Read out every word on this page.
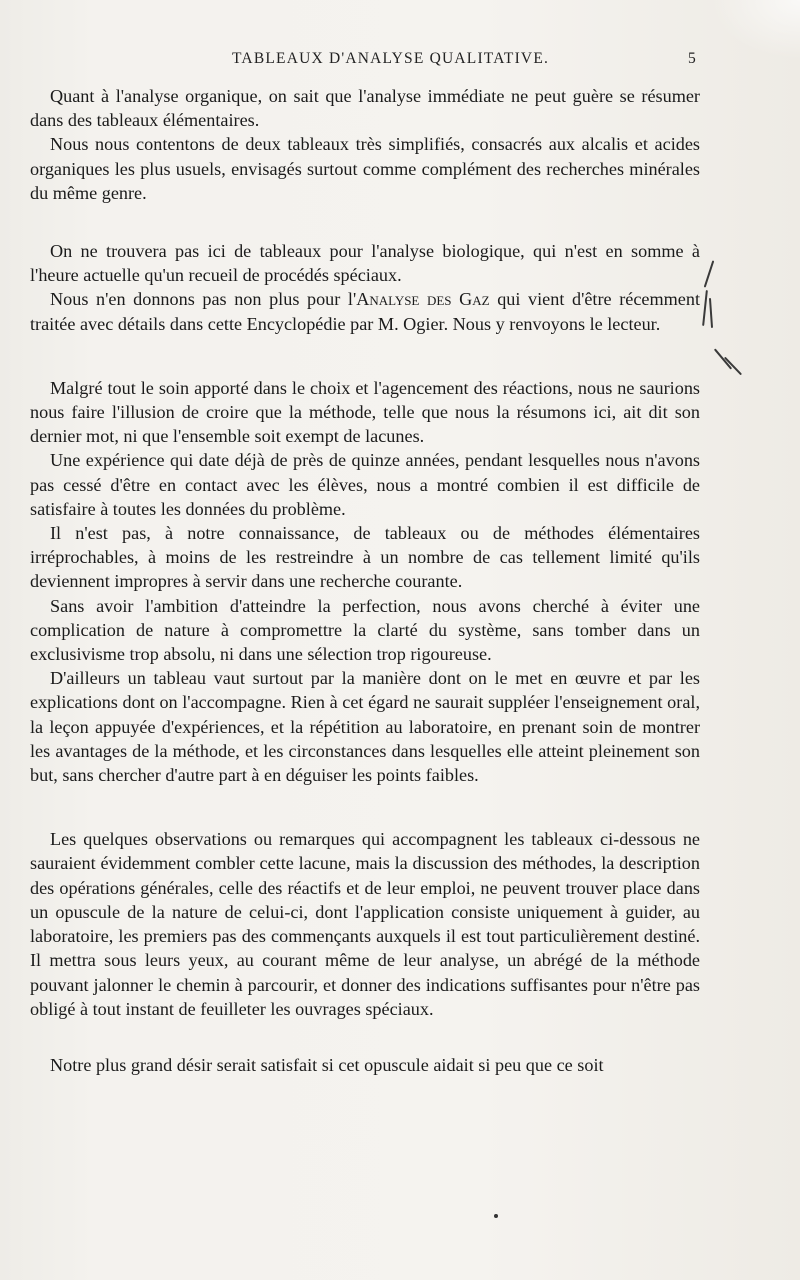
TABLEAUX D'ANALYSE QUALITATIVE.	5

Quant à l'analyse organique, on sait que l'analyse immédiate ne peut guère se résumer dans des tableaux élémentaires.

Nous nous contentons de deux tableaux très simplifiés, consacrés aux alcalis et acides organiques les plus usuels, envisagés surtout comme complément des recherches minérales du même genre.

On ne trouvera pas ici de tableaux pour l'analyse biologique, qui n'est en somme à l'heure actuelle qu'un recueil de procédés spéciaux.

Nous n'en donnons pas non plus pour l'Analyse des Gaz qui vient d'être récemment traitée avec détails dans cette Encyclopédie par M. Ogier. Nous y renvoyons le lecteur.

Malgré tout le soin apporté dans le choix et l'agencement des réactions, nous ne saurions nous faire l'illusion de croire que la méthode, telle que nous la résumons ici, ait dit son dernier mot, ni que l'ensemble soit exempt de lacunes.

Une expérience qui date déjà de près de quinze années, pendant lesquelles nous n'avons pas cessé d'être en contact avec les élèves, nous a montré combien il est difficile de satisfaire à toutes les données du problème.

Il n'est pas, à notre connaissance, de tableaux ou de méthodes élémentaires irréprochables, à moins de les restreindre à un nombre de cas tellement limité qu'ils deviennent impropres à servir dans une recherche courante.

Sans avoir l'ambition d'atteindre la perfection, nous avons cherché à éviter une complication de nature à compromettre la clarté du système, sans tomber dans un exclusivisme trop absolu, ni dans une sélection trop rigoureuse.

D'ailleurs un tableau vaut surtout par la manière dont on le met en œuvre et par les explications dont on l'accompagne. Rien à cet égard ne saurait suppléer l'enseignement oral, la leçon appuyée d'expériences, et la répétition au laboratoire, en prenant soin de montrer les avantages de la méthode, et les circonstances dans lesquelles elle atteint pleinement son but, sans chercher d'autre part à en déguiser les points faibles.

Les quelques observations ou remarques qui accompagnent les tableaux ci-dessous ne sauraient évidemment combler cette lacune, mais la discussion des méthodes, la description des opérations générales, celle des réactifs et de leur emploi, ne peuvent trouver place dans un opuscule de la nature de celui-ci, dont l'application consiste uniquement à guider, au laboratoire, les premiers pas des commençants auxquels il est tout particulièrement destiné. Il mettra sous leurs yeux, au courant même de leur analyse, un abrégé de la méthode pouvant jalonner le chemin à parcourir, et donner des indications suffisantes pour n'être pas obligé à tout instant de feuilleter les ouvrages spéciaux.

Notre plus grand désir serait satisfait si cet opuscule aidait si peu que ce soit
